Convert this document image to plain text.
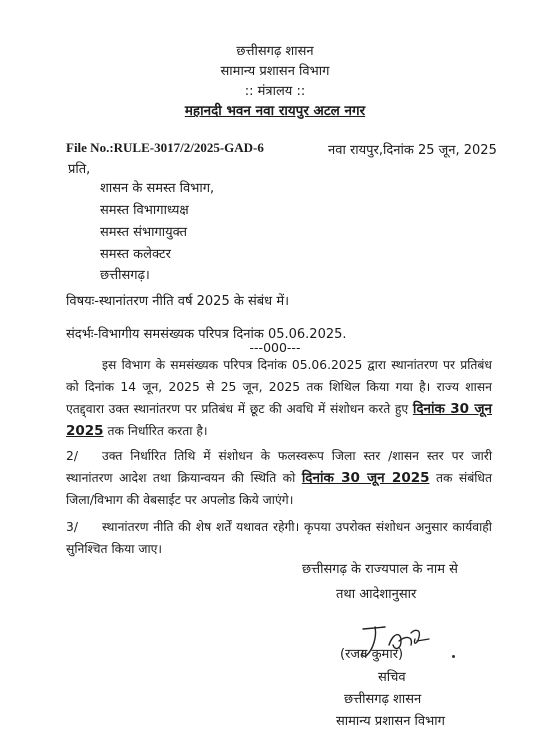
छत्तीसगढ़ शासन
सामान्य प्रशासन विभाग
:: मंत्रालय ::
महानदी भवन नवा रायपुर अटल नगर
File No.:RULE-3017/2/2025-GAD-6	नवा रायपुर,दिनांक 25 जून, 2025
प्रति,
शासन के समस्त विभाग,
समस्त विभागाध्यक्ष
समस्त संभागायुक्त
समस्त कलेक्टर
छत्तीसगढ़।
विषयः-स्थानांतरण नीति वर्ष 2025 के संबंध में।
संदर्भः-विभागीय समसंख्यक परिपत्र दिनांक 05.06.2025.
---000---
इस विभाग के समसंख्यक परिपत्र दिनांक 05.06.2025 द्वारा स्थानांतरण पर प्रतिबंध को दिनांक 14 जून, 2025 से 25 जून, 2025 तक शिथिल किया गया है। राज्य शासन एतद्द्वारा उक्त स्थानांतरण पर प्रतिबंध में छूट की अवधि में संशोधन करते हुए दिनांक 30 जून 2025 तक निर्धारित करता है।
2/ उक्त निर्धारित तिथि में संशोधन के फलस्वरूप जिला स्तर /शासन स्तर पर जारी स्थानांतरण आदेश तथा क्रियान्वयन की स्थिति को दिनांक 30 जून 2025 तक संबंधित जिला/विभाग की वेबसाईट पर अपलोड किये जाएंगे।
3/ स्थानांतरण नीति की शेष शर्तें यथावत रहेगी। कृपया उपरोक्त संशोधन अनुसार कार्यवाही सुनिश्चित किया जाए।
छत्तीसगढ़ के राज्यपाल के नाम से
तथा आदेशानुसार
(रजत कुमार)
सचिव
छत्तीसगढ़ शासन
सामान्य प्रशासन विभाग
